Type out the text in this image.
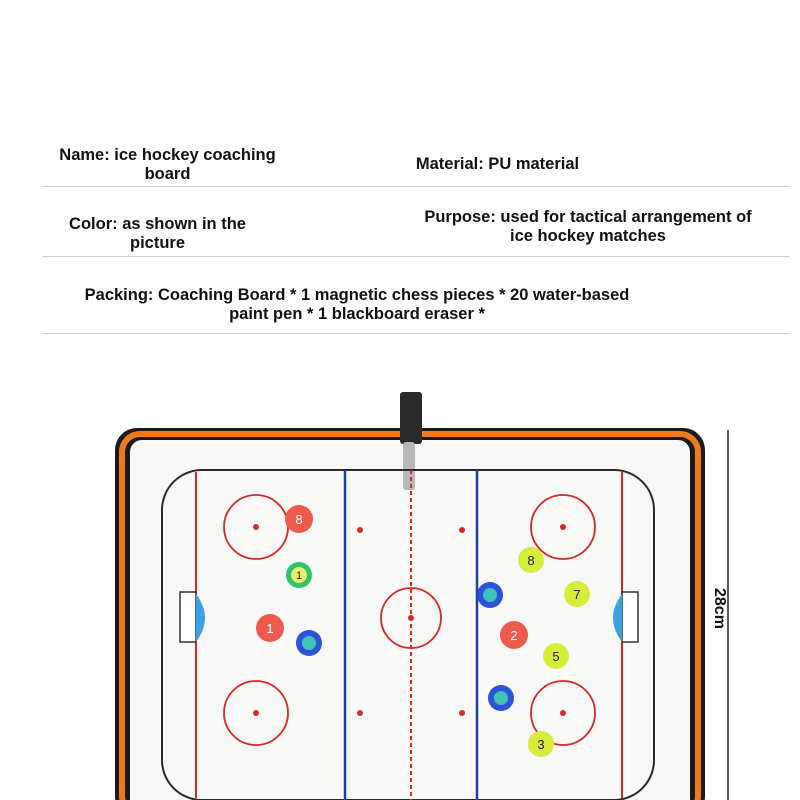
Name: ice hockey coaching
board
Material: PU material
Color: as shown in the
picture
Purpose: used for tactical arrangement of
ice hockey matches
Packing: Coaching Board * 1 magnetic chess pieces * 20 water-based
paint pen * 1 blackboard eraser *
8
1
1	2
8
7
5
3
28cm
